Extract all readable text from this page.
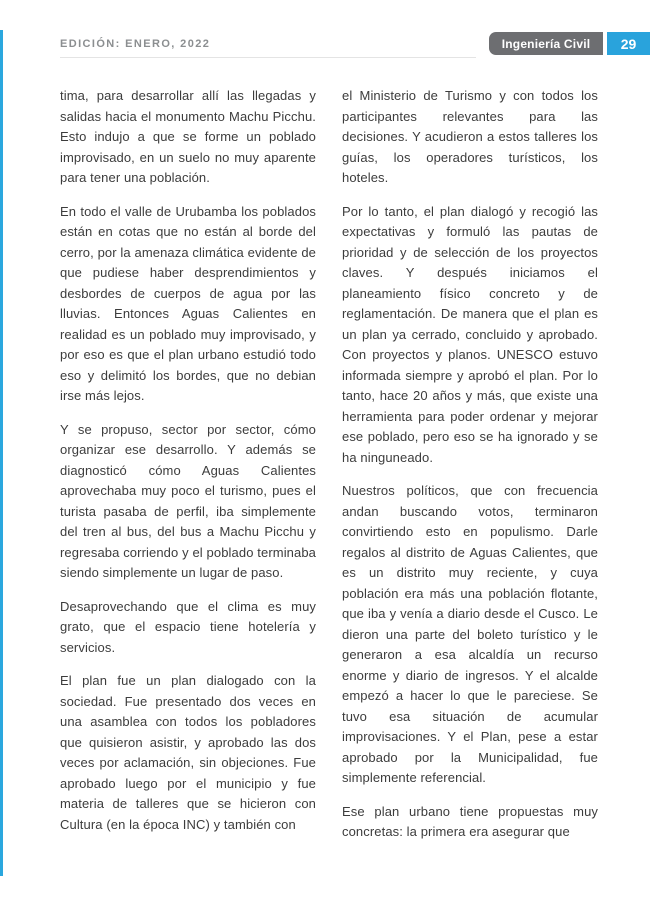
EDICIÓN: ENERO, 2022	Ingeniería Civil	29

tima, para desarrollar allí las llegadas y salidas hacia el monumento Machu Picchu. Esto indujo a que se forme un poblado improvisado, en un suelo no muy aparente para tener una población.

En todo el valle de Urubamba los poblados están en cotas que no están al borde del cerro, por la amenaza climática evidente de que pudiese haber desprendimientos y desbordes de cuerpos de agua por las lluvias. Entonces Aguas Calientes en realidad es un poblado muy improvisado, y por eso es que el plan urbano estudió todo eso y delimitó los bordes, que no debian irse más lejos.

Y se propuso, sector por sector, cómo organizar ese desarrollo. Y además se diagnosticó cómo Aguas Calientes aprovechaba muy poco el turismo, pues el turista pasaba de perfil, iba simplemente del tren al bus, del bus a Machu Picchu y regresaba corriendo y el poblado terminaba siendo simplemente un lugar de paso.

Desaprovechando que el clima es muy grato, que el espacio tiene hotelería y servicios.

El plan fue un plan dialogado con la sociedad. Fue presentado dos veces en una asamblea con todos los pobladores que quisieron asistir, y aprobado las dos veces por aclamación, sin objeciones. Fue aprobado luego por el municipio y fue materia de talleres que se hicieron con Cultura (en la época INC) y también con

el Ministerio de Turismo y con todos los participantes relevantes para las decisiones. Y acudieron a estos talleres los guías, los operadores turísticos, los hoteles.

Por lo tanto, el plan dialogó y recogió las expectativas y formuló las pautas de prioridad y de selección de los proyectos claves. Y después iniciamos el planeamiento físico concreto y de reglamentación. De manera que el plan es un plan ya cerrado, concluido y aprobado. Con proyectos y planos. UNESCO estuvo informada siempre y aprobó el plan. Por lo tanto, hace 20 años y más, que existe una herramienta para poder ordenar y mejorar ese poblado, pero eso se ha ignorado y se ha ninguneado.

Nuestros políticos, que con frecuencia andan buscando votos, terminaron convirtiendo esto en populismo. Darle regalos al distrito de Aguas Calientes, que es un distrito muy reciente, y cuya población era más una población flotante, que iba y venía a diario desde el Cusco. Le dieron una parte del boleto turístico y le generaron a esa alcaldía un recurso enorme y diario de ingresos. Y el alcalde empezó a hacer lo que le pareciese. Se tuvo esa situación de acumular improvisaciones. Y el Plan, pese a estar aprobado por la Municipalidad, fue simplemente referencial.

Ese plan urbano tiene propuestas muy concretas: la primera era asegurar que
